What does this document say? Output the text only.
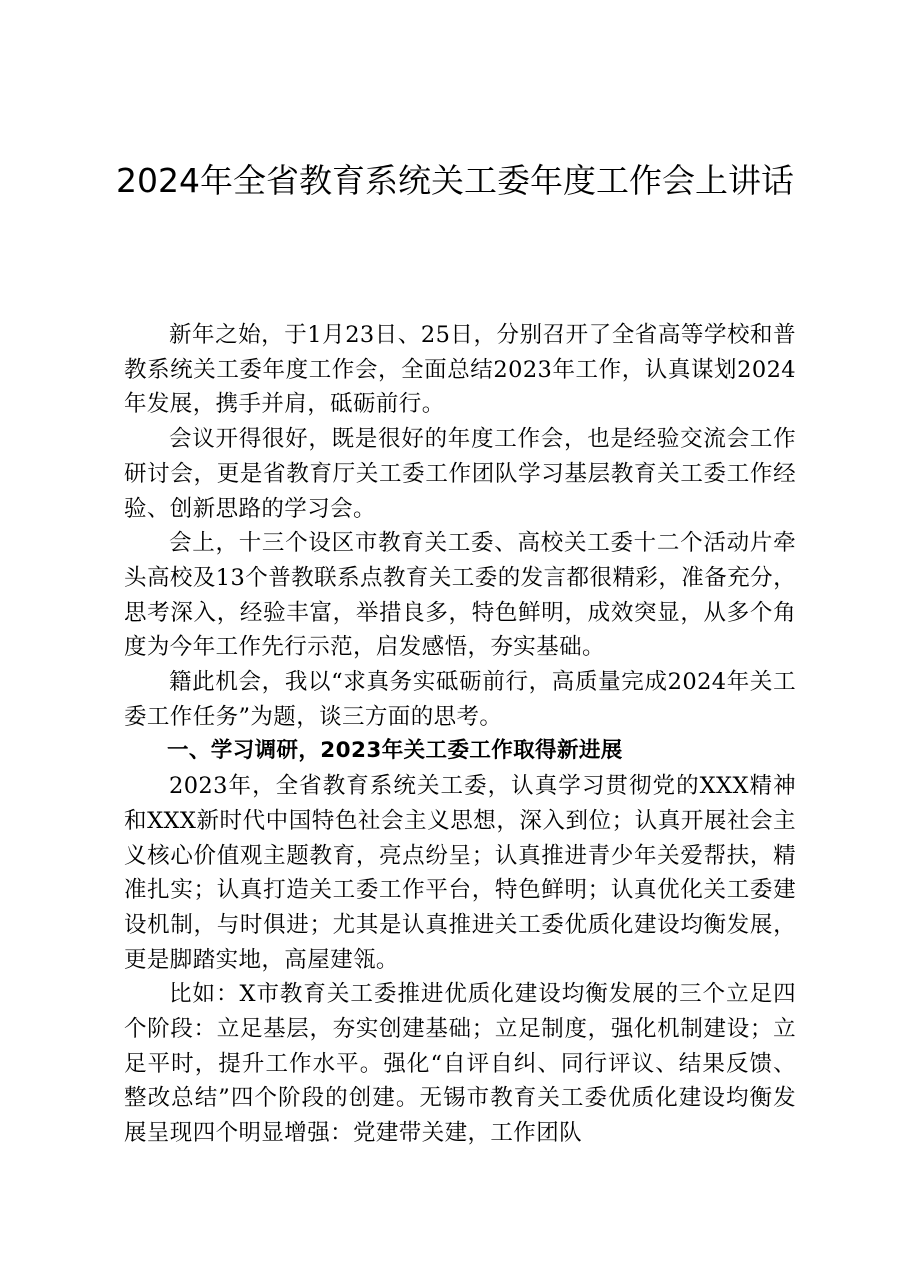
2024年全省教育系统关工委年度工作会上讲话

新年之始，于1月23日、25日，分别召开了全省高等学校和普教系统关工委年度工作会，全面总结2023年工作，认真谋划2024年发展，携手并肩，砥砺前行。

会议开得很好，既是很好的年度工作会，也是经验交流会工作研讨会，更是省教育厅关工委工作团队学习基层教育关工委工作经验、创新思路的学习会。

会上，十三个设区市教育关工委、高校关工委十二个活动片牵头高校及13个普教联系点教育关工委的发言都很精彩，准备充分，思考深入，经验丰富，举措良多，特色鲜明，成效突显，从多个角度为今年工作先行示范，启发感悟，夯实基础。

籍此机会，我以“求真务实砥砺前行，高质量完成2024年关工委工作任务”为题，谈三方面的思考。

一、学习调研，2023年关工委工作取得新进展

2023年，全省教育系统关工委，认真学习贯彻党的XXX精神和XXX新时代中国特色社会主义思想，深入到位；认真开展社会主义核心价值观主题教育，亮点纷呈；认真推进青少年关爱帮扶，精准扎实；认真打造关工委工作平台，特色鲜明；认真优化关工委建设机制，与时俱进；尤其是认真推进关工委优质化建设均衡发展，更是脚踏实地，高屋建瓴。

比如：X市教育关工委推进优质化建设均衡发展的三个立足四个阶段：立足基层，夯实创建基础；立足制度，强化机制建设；立足平时，提升工作水平。强化“自评自纠、同行评议、结果反馈、整改总结”四个阶段的创建。无锡市教育关工委优质化建设均衡发展呈现四个明显增强：党建带关建，工作团队
